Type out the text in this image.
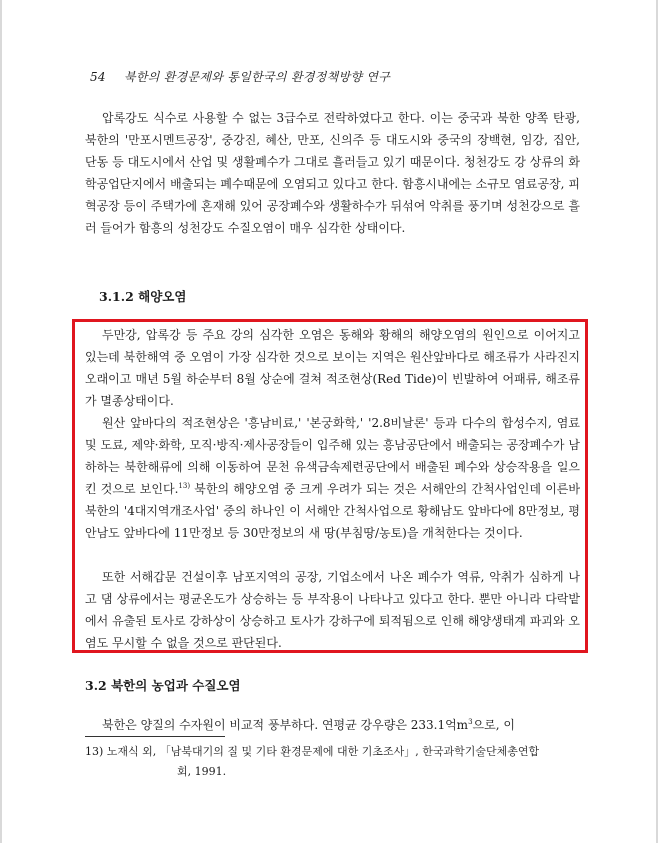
54 북한의 환경문제와 통일한국의 환경정책방향 연구

압록강도 식수로 사용할 수 없는 3급수로 전락하였다고 한다. 이는 중국과 북한 양쪽 탄광, 북한의 '만포시멘트공장', 중강진, 혜산, 만포, 신의주 등 대도시와 중국의 장백현, 임강, 집안, 단동 등 대도시에서 산업 및 생활폐수가 그대로 흘러들고 있기 때문이다. 청천강도 강 상류의 화학공업단지에서 배출되는 폐수때문에 오염되고 있다고 한다. 함흥시내에는 소규모 염료공장, 피혁공장 등이 주택가에 혼재해 있어 공장폐수와 생활하수가 뒤섞여 악취를 풍기며 성천강으로 흘러 들어가 함흥의 성천강도 수질오염이 매우 심각한 상태이다.

3.1.2 해양오염

두만강, 압록강 등 주요 강의 심각한 오염은 동해와 황해의 해양오염의 원인으로 이어지고 있는데 북한해역 중 오염이 가장 심각한 것으로 보이는 지역은 원산앞바다로 해조류가 사라진지 오래이고 매년 5월 하순부터 8월 상순에 걸쳐 적조현상(Red Tide)이 빈발하여 어패류, 해조류가 멸종상태이다.

원산 앞바다의 적조현상은 '흥남비료,' '본궁화학,' '2.8비날론' 등과 다수의 합성수지, 염료 및 도료, 제약·화학, 모직·방직·제사공장들이 입주해 있는 흥남공단에서 배출되는 공장폐수가 남하하는 북한해류에 의해 이동하여 문천 유색금속제련공단에서 배출된 폐수와 상승작용을 일으킨 것으로 보인다.$^{13)}$ 북한의 해양오염 중 크게 우려가 되는 것은 서해안의 간척사업인데 이른바 북한의 '4대지역개조사업' 중의 하나인 이 서해안 간척사업으로 황해남도 앞바다에 8만정보, 평안남도 앞바다에 11만정보 등 30만정보의 새 땅(부침땅/농토)을 개척한다는 것이다.

또한 서해갑문 건설이후 남포지역의 공장, 기업소에서 나온 폐수가 역류, 악취가 심하게 나고 댐 상류에서는 평균온도가 상승하는 등 부작용이 나타나고 있다고 한다. 뿐만 아니라 다락밭에서 유출된 토사로 강하상이 상승하고 토사가 강하구에 퇴적됨으로 인해 해양생태계 파괴와 오염도 무시할 수 없을 것으로 판단된다.

3.2 북한의 농업과 수질오염

북한은 양질의 수자원이 비교적 풍부하다. 연평균 강우량은 233.1억$m^3$으로, 이

13) 노재식 외, 「남북대기의 질 및 기타 환경문제에 대한 기초조사」, 한국과학기술단체총연합
회, 1991.
